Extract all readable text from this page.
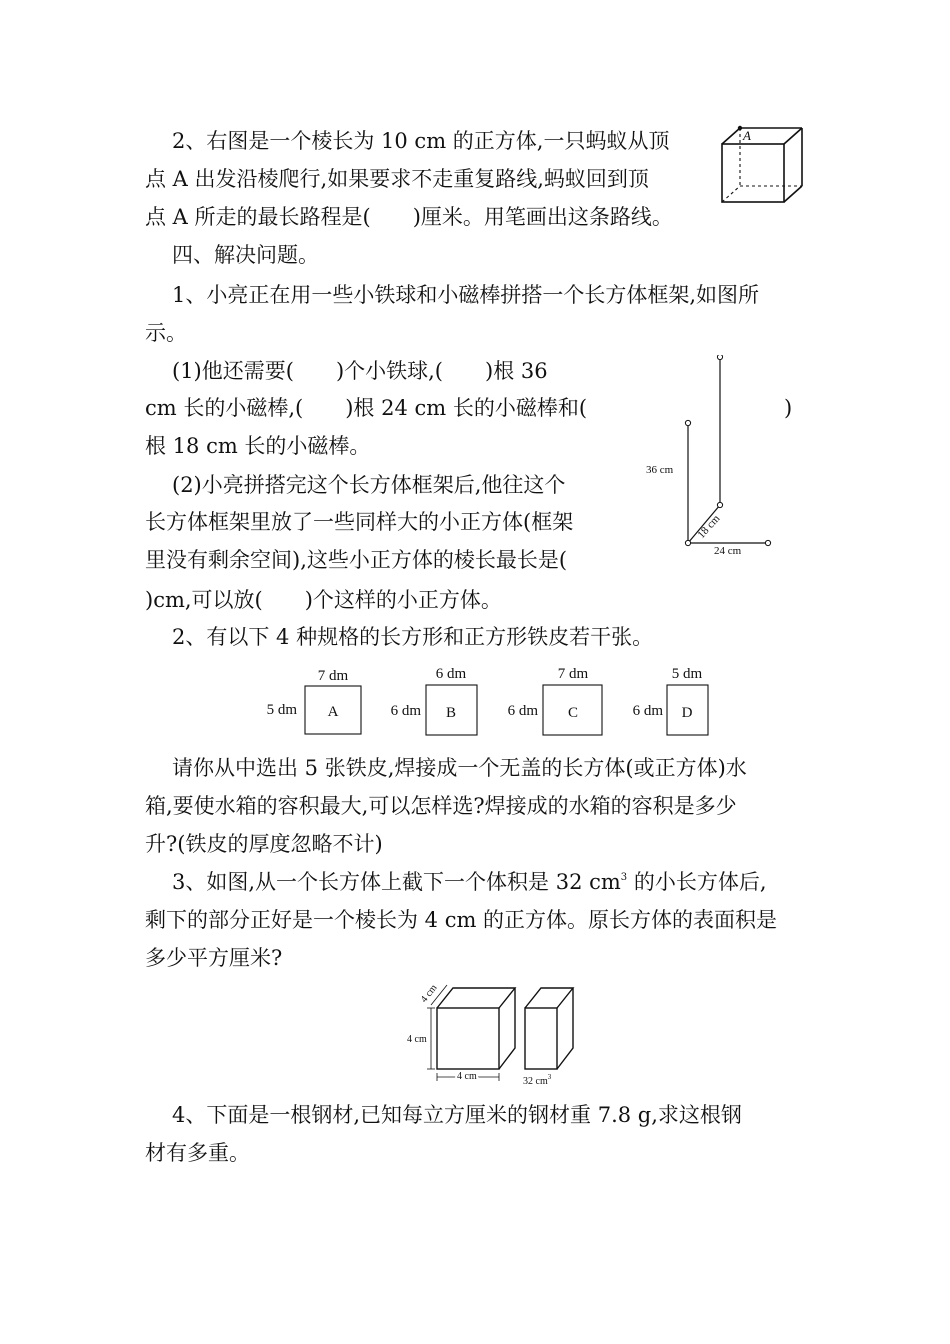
2、右图是一个棱长为 10 cm 的正方体,一只蚂蚁从顶
点 A 出发沿棱爬行,如果要求不走重复路线,蚂蚁回到顶
点 A 所走的最长路程是(　　)厘米。用笔画出这条路线。
A
四、解决问题。
1、小亮正在用一些小铁球和小磁棒拼搭一个长方体框架,如图所
示。
(1)他还需要(　　)个小铁球,(　　)根 36
cm 长的小磁棒,(　　)根 24 cm 长的小磁棒和(	)
根 18 cm 长的小磁棒。
(2)小亮拼搭完这个长方体框架后,他往这个
长方体框架里放了一些同样大的小正方体(框架
里没有剩余空间),这些小正方体的棱长最长是(
)cm,可以放(　　)个这样的小正方体。
36 cm
18 cm
24 cm
2、有以下 4 种规格的长方形和正方形铁皮若干张。
7 dm
5 dm A
6 dm
6 dm B
7 dm
6 dm C
5 dm
6 dm D
请你从中选出 5 张铁皮,焊接成一个无盖的长方体(或正方体)水
箱,要使水箱的容积最大,可以怎样选?焊接成的水箱的容积是多少
升?(铁皮的厚度忽略不计)
3、如图,从一个长方体上截下一个体积是 32 $cm^3$ 的小长方体后,
剩下的部分正好是一个棱长为 4 cm 的正方体。原长方体的表面积是
多少平方厘米?
4 cm
4 cm
4 cm	32 $cm^3$
4、下面是一根钢材,已知每立方厘米的钢材重 7.8 g,求这根钢
材有多重。
